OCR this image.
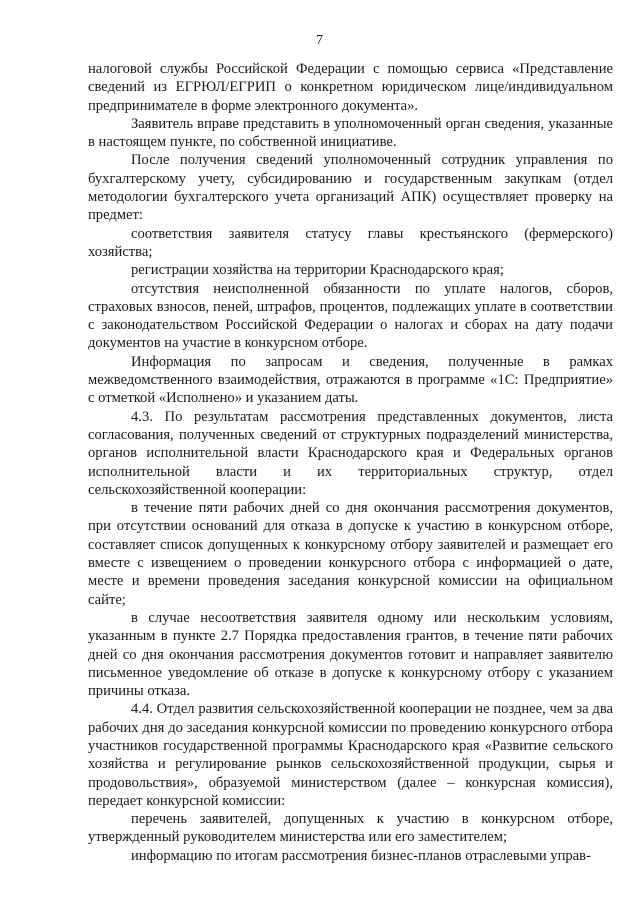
7

налоговой службы Российской Федерации с помощью сервиса «Представление сведений из ЕГРЮЛ/ЕГРИП о конкретном юридическом лице/индивидуальном предпринимателе в форме электронного документа».

Заявитель вправе представить в уполномоченный орган сведения, указанные в настоящем пункте, по собственной инициативе.

После получения сведений уполномоченный сотрудник управления по бухгалтерскому учету, субсидированию и государственным закупкам (отдел методологии бухгалтерского учета организаций АПК) осуществляет проверку на предмет:

соответствия заявителя статусу главы крестьянского (фермерского) хозяйства;

регистрации хозяйства на территории Краснодарского края;

отсутствия неисполненной обязанности по уплате налогов, сборов, страховых взносов, пеней, штрафов, процентов, подлежащих уплате в соответствии с законодательством Российской Федерации о налогах и сборах на дату подачи документов на участие в конкурсном отборе.

Информация по запросам и сведения, полученные в рамках межведомственного взаимодействия, отражаются в программе «1С: Предприятие» с отметкой «Исполнено» и указанием даты.

4.3. По результатам рассмотрения представленных документов, листа согласования, полученных сведений от структурных подразделений министерства, органов исполнительной власти Краснодарского края и Федеральных органов исполнительной власти и их территориальных структур, отдел сельскохозяйственной кооперации:

в течение пяти рабочих дней со дня окончания рассмотрения документов, при отсутствии оснований для отказа в допуске к участию в конкурсном отборе, составляет список допущенных к конкурсному отбору заявителей и размещает его вместе с извещением о проведении конкурсного отбора с информацией о дате, месте и времени проведения заседания конкурсной комиссии на официальном сайте;

в случае несоответствия заявителя одному или нескольким условиям, указанным в пункте 2.7 Порядка предоставления грантов, в течение пяти рабочих дней со дня окончания рассмотрения документов готовит и направляет заявителю письменное уведомление об отказе в допуске к конкурсному отбору с указанием причины отказа.

4.4. Отдел развития сельскохозяйственной кооперации не позднее, чем за два рабочих дня до заседания конкурсной комиссии по проведению конкурсного отбора участников государственной программы Краснодарского края «Развитие сельского хозяйства и регулирование рынков сельскохозяйственной продукции, сырья и продовольствия», образуемой министерством (далее – конкурсная комиссия), передает конкурсной комиссии:

перечень заявителей, допущенных к участию в конкурсном отборе, утвержденный руководителем министерства или его заместителем;

информацию по итогам рассмотрения бизнес-планов отраслевыми управ-
